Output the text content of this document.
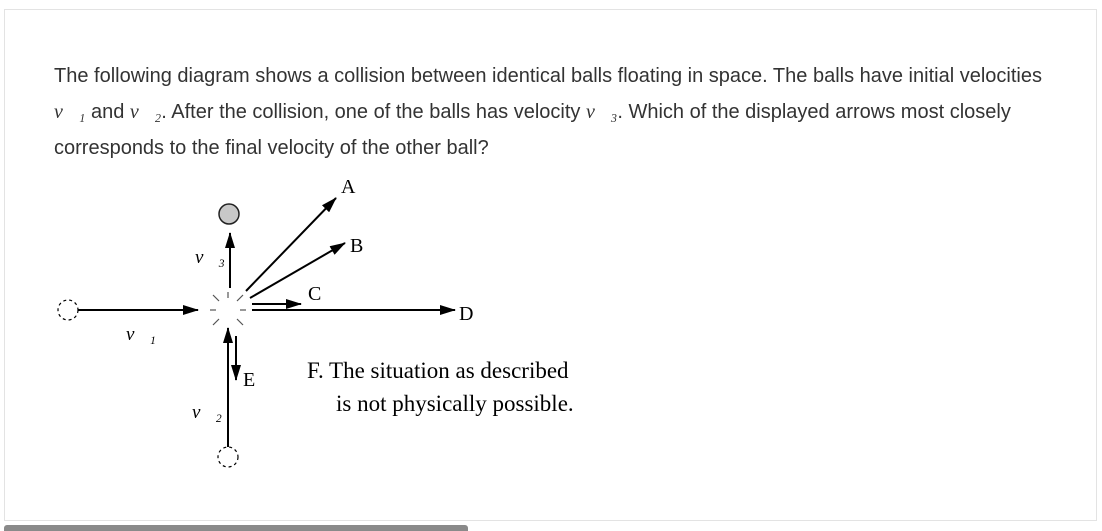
The following diagram shows a collision between identical balls floating in space. The balls have initial velocities v⃗₁ and v⃗₂. After the collision, one of the balls has velocity v⃗₃. Which of the displayed arrows most closely corresponds to the final velocity of the other ball?

A
B
C
D
E
v⃗₁
v⃗₂
v⃗₃
F. The situation as described
is not physically possible.
